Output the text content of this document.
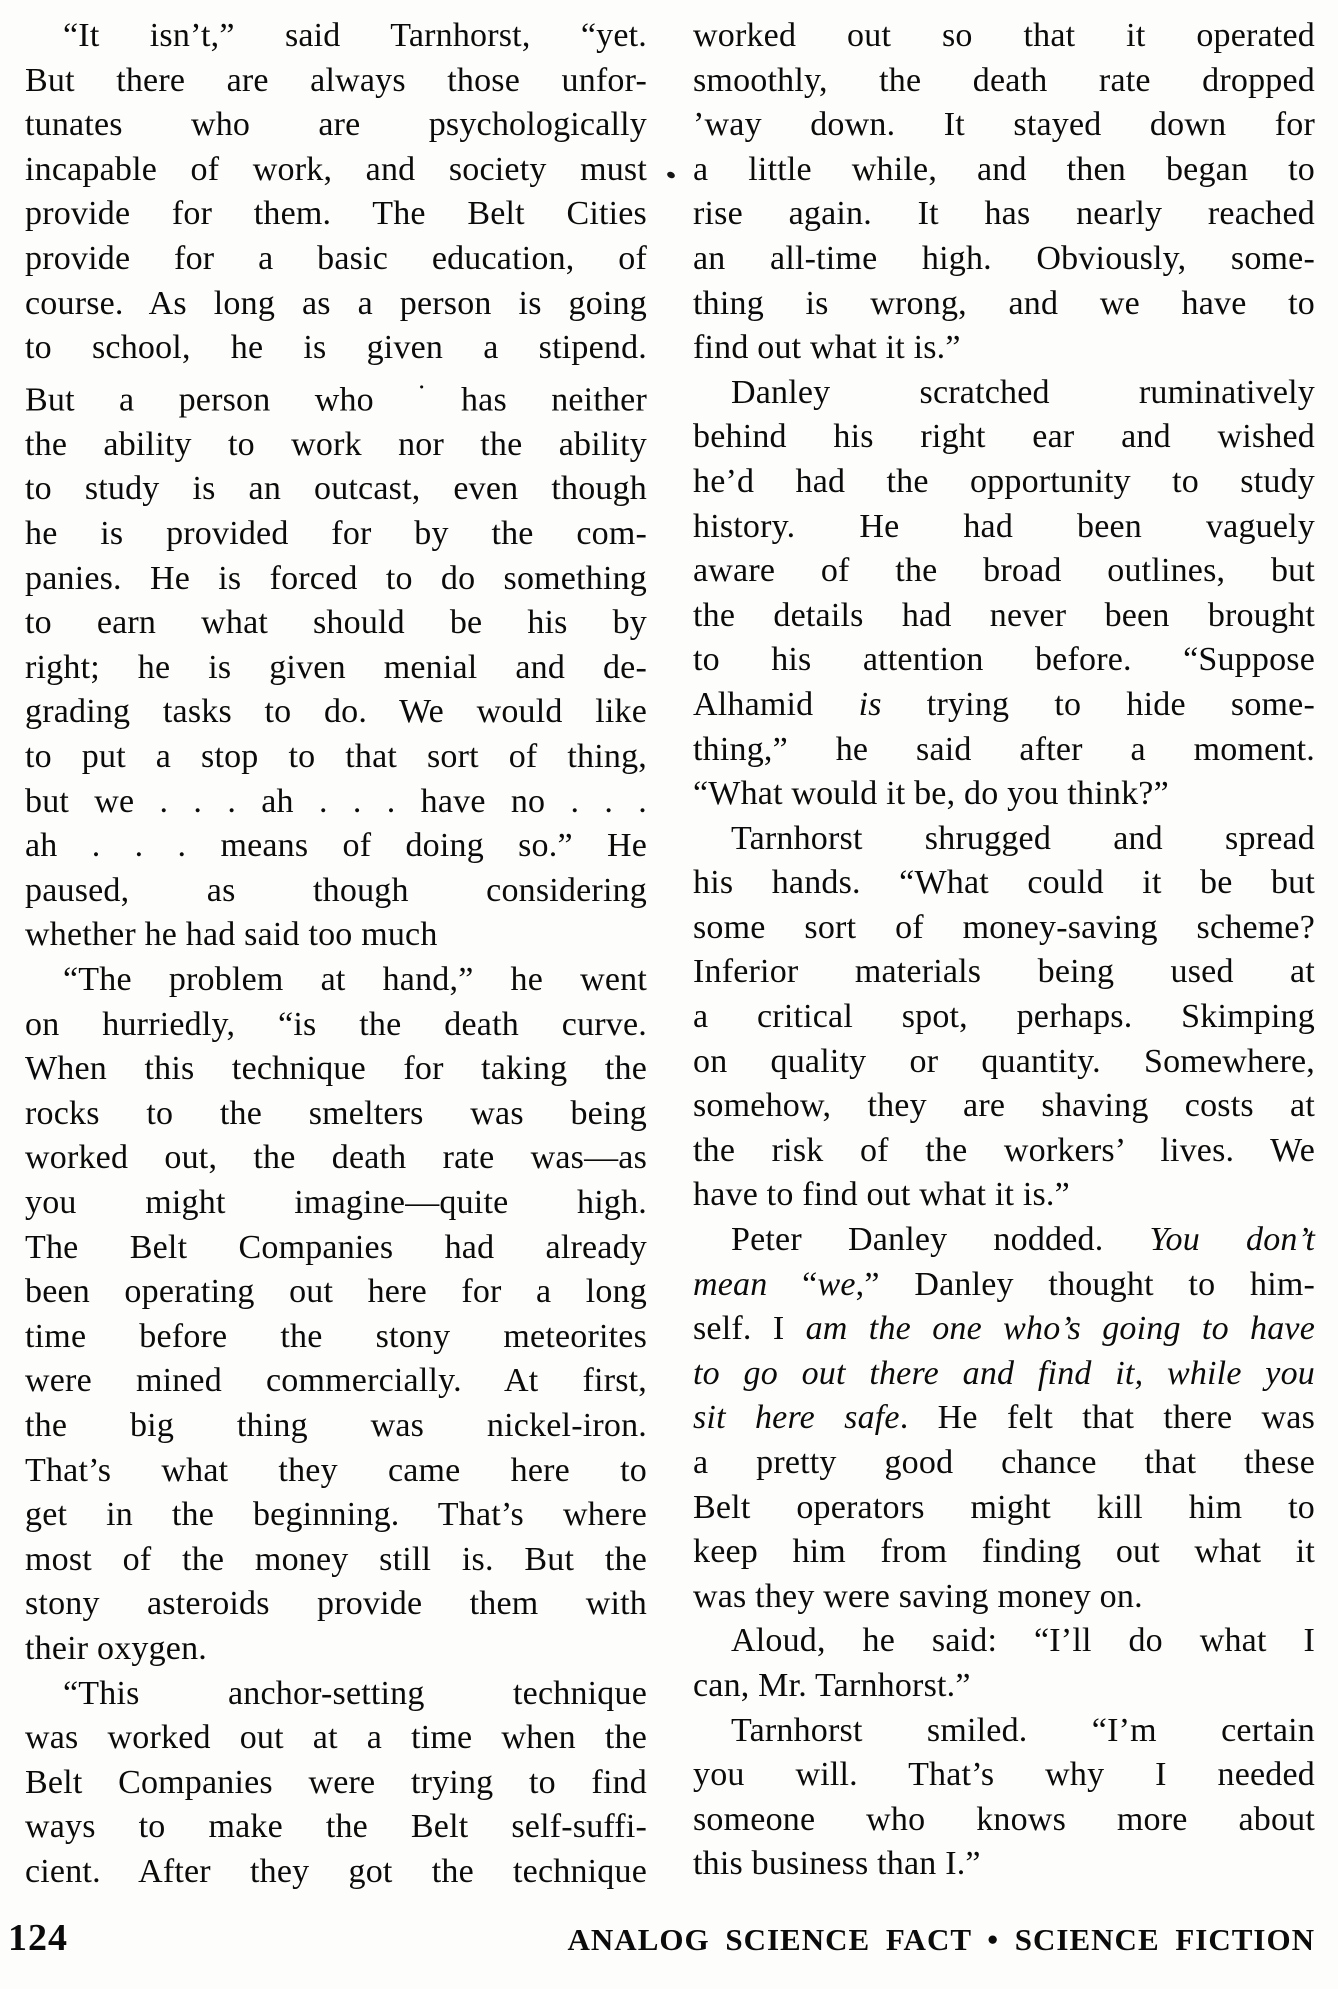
“It isn’t,” said Tarnhorst, “yet.
But there are always those unfor-
tunates who are psychologically
incapable of work, and society must
provide for them. The Belt Cities
provide for a basic education, of
course. As long as a person is going
to school, he is given a stipend.
But a person who ˙has neither
the ability to work nor the ability
to study is an outcast, even though
he is provided for by the com-
panies. He is forced to do something
to earn what should be his by
right; he is given menial and de-
grading tasks to do. We would like
to put a stop to that sort of thing,
but we . . . ah . . . have no . . .
ah . . . means of doing so.” He
paused, as though considering
whether he had said too much
“The problem at hand,” he went
on hurriedly, “is the death curve.
When this technique for taking the
rocks to the smelters was being
worked out, the death rate was—as
you might imagine—quite high.
The Belt Companies had already
been operating out here for a long
time before the stony meteorites
were mined commercially. At first,
the big thing was nickel-iron.
That’s what they came here to
get in the beginning. That’s where
most of the money still is. But the
stony asteroids provide them with
their oxygen.
“This anchor-setting technique
was worked out at a time when the
Belt Companies were trying to find
ways to make the Belt self-suffi-
cient. After they got the technique
worked out so that it operated
smoothly, the death rate dropped
’way down. It stayed down for
a little while, and then began to
rise again. It has nearly reached
an all-time high. Obviously, some-
thing is wrong, and we have to
find out what it is.”
Danley scratched ruminatively
behind his right ear and wished
he’d had the opportunity to study
history. He had been vaguely
aware of the broad outlines, but
the details had never been brought
to his attention before. “Suppose
Alhamid is trying to hide some-
thing,” he said after a moment.
“What would it be, do you think?”
Tarnhorst shrugged and spread
his hands. “What could it be but
some sort of money-saving scheme?
Inferior materials being used at
a critical spot, perhaps. Skimping
on quality or quantity. Somewhere,
somehow, they are shaving costs at
the risk of the workers’ lives. We
have to find out what it is.”
Peter Danley nodded. You don’t
mean “we,” Danley thought to him-
self. I am the one who’s going to have
to go out there and find it, while you
sit here safe. He felt that there was
a pretty good chance that these
Belt operators might kill him to
keep him from finding out what it
was they were saving money on.
Aloud, he said: “I’ll do what I
can, Mr. Tarnhorst.”
Tarnhorst smiled. “I’m certain
you will. That’s why I needed
someone who knows more about
this business than I.”
124	ANALOG SCIENCE FACT • SCIENCE FICTION
